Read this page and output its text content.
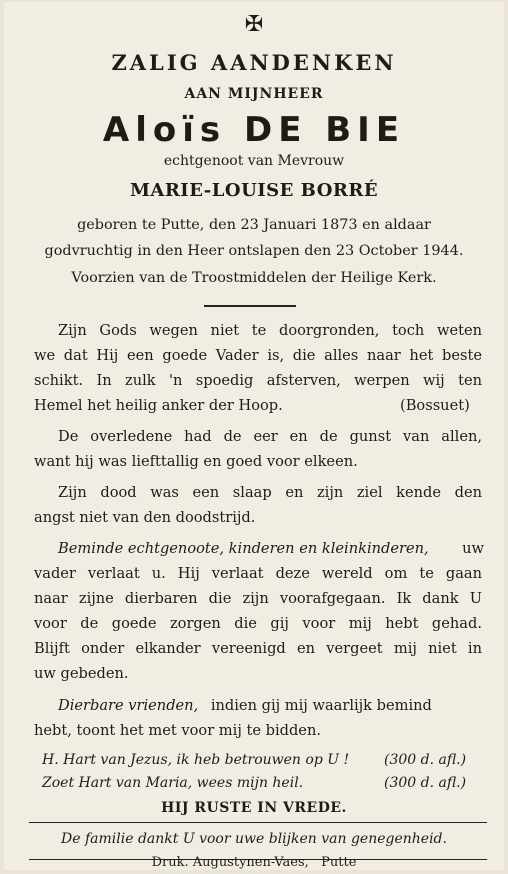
✠
ZALIG AANDENKEN
AAN MIJNHEER
Aloïs DE BIE
echtgenoot van Mevrouw
MARIE-LOUISE BORRÉ
geboren te Putte, den 23 Januari 1873 en aldaar
godvruchtig in den Heer ontslapen den 23 October 1944.
Voorzien van de Troostmiddelen der Heilige Kerk.
Zijn Gods wegen niet te doorgronden, toch weten
we dat Hij een goede Vader is, die alles naar het beste
schikt. In zulk 'n spoedig afsterven, werpen wij ten
Hemel het heilig anker der Hoop.	(Bossuet)
De overledene had de eer en de gunst van allen,
want hij was liefttallig en goed voor elkeen.
Zijn dood was een slaap en zijn ziel kende den
angst niet van den doodstrijd.
Beminde echtgenoote, kinderen en kleinkinderen, uw
vader verlaat u. Hij verlaat deze wereld om te gaan
naar zijne dierbaren die zijn voorafgegaan. Ik dank U
voor de goede zorgen die gij voor mij hebt gehad.
Blijft onder elkander vereenigd en vergeet mij niet in
uw gebeden.
Dierbare vrienden, indien gij mij waarlijk bemind
hebt, toont het met voor mij te bidden.
H. Hart van Jezus, ik heb betrouwen op U ! (300 d. afl.)
Zoet Hart van Maria, wees mijn heil.	(300 d. afl.)
HIJ RUSTE IN VREDE.
De familie dankt U voor uwe blijken van genegenheid.
Druk. Augustynen-Vaes,   Putte
